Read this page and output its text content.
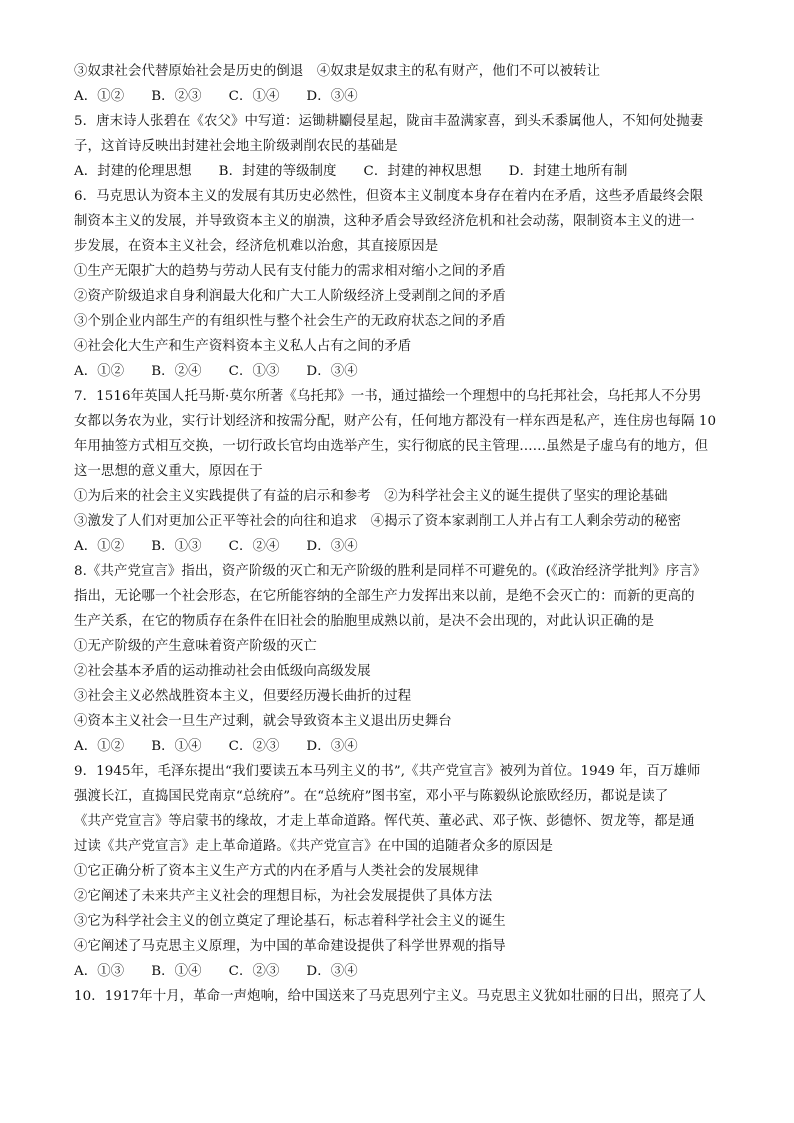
③奴隶社会代替原始社会是历史的倒退　④奴隶是奴隶主的私有财产，他们不可以被转让
A．①②　　B．②③　　C．①④　　D．③④
5．唐末诗人张碧在《农父》中写道：运锄耕劚侵星起，陇亩丰盈满家喜，到头禾黍属他人，不知何处抛妻
子，这首诗反映出封建社会地主阶级剥削农民的基础是
A．封建的伦理思想　　B．封建的等级制度　　C．封建的神权思想　　D．封建土地所有制
6．马克思认为资本主义的发展有其历史必然性，但资本主义制度本身存在着内在矛盾，这些矛盾最终会限
制资本主义的发展，并导致资本主义的崩溃，这种矛盾会导致经济危机和社会动荡，限制资本主义的进一
步发展，在资本主义社会，经济危机难以治愈，其直接原因是
①生产无限扩大的趋势与劳动人民有支付能力的需求相对缩小之间的矛盾
②资产阶级追求自身利润最大化和广大工人阶级经济上受剥削之间的矛盾
③个别企业内部生产的有组织性与整个社会生产的无政府状态之间的矛盾
④社会化大生产和生产资料资本主义私人占有之间的矛盾
A．①②　　B．②④　　C．①③　　D．③④
7．1516年英国人托马斯·莫尔所著《乌托邦》一书，通过描绘一个理想中的乌托邦社会，乌托邦人不分男
女都以务农为业，实行计划经济和按需分配，财产公有，任何地方都没有一样东西是私产，连住房也每隔 10
年用抽签方式相互交换，一切行政长官均由选举产生，实行彻底的民主管理……虽然是子虚乌有的地方，但
这一思想的意义重大，原因在于
①为后来的社会主义实践提供了有益的启示和参考　②为科学社会主义的诞生提供了坚实的理论基础
③激发了人们对更加公正平等社会的向往和追求　④揭示了资本家剥削工人并占有工人剩余劳动的秘密
A．①②　　B．①③　　C．②④　　D．③④
8.《共产党宣言》指出，资产阶级的灭亡和无产阶级的胜利是同样不可避免的。(《政治经济学批判》序言》
指出，无论哪一个社会形态，在它所能容纳的全部生产力发挥出来以前，是绝不会灭亡的：而新的更高的
生产关系，在它的物质存在条件在旧社会的胎胞里成熟以前，是决不会出现的，对此认识正确的是
①无产阶级的产生意味着资产阶级的灭亡
②社会基本矛盾的运动推动社会由低级向高级发展
③社会主义必然战胜资本主义，但要经历漫长曲折的过程
④资本主义社会一旦生产过剩，就会导致资本主义退出历史舞台
A．①②　　B．①④　　C．②③　　D．③④
9．1945年，毛泽东提出“我们要读五本马列主义的书”,《共产党宣言》被列为首位。1949 年，百万雄师
强渡长江，直捣国民党南京“总统府”。在“总统府”图书室，邓小平与陈毅纵论旅欧经历，都说是读了
《共产党宣言》等启蒙书的缘故，才走上革命道路。恽代英、董必武、邓子恢、彭德怀、贺龙等，都是通
过读《共产党宣言》走上革命道路。《共产党宣言》在中国的追随者众多的原因是
①它正确分析了资本主义生产方式的内在矛盾与人类社会的发展规律
②它阐述了未来共产主义社会的理想目标，为社会发展提供了具体方法
③它为科学社会主义的创立奠定了理论基石，标志着科学社会主义的诞生
④它阐述了马克思主义原理，为中国的革命建设提供了科学世界观的指导
A．①③　　B．①④　　C．②③　　D．③④
10．1917年十月，革命一声炮响，给中国送来了马克思列宁主义。马克思主义犹如壮丽的日出，照亮了人
